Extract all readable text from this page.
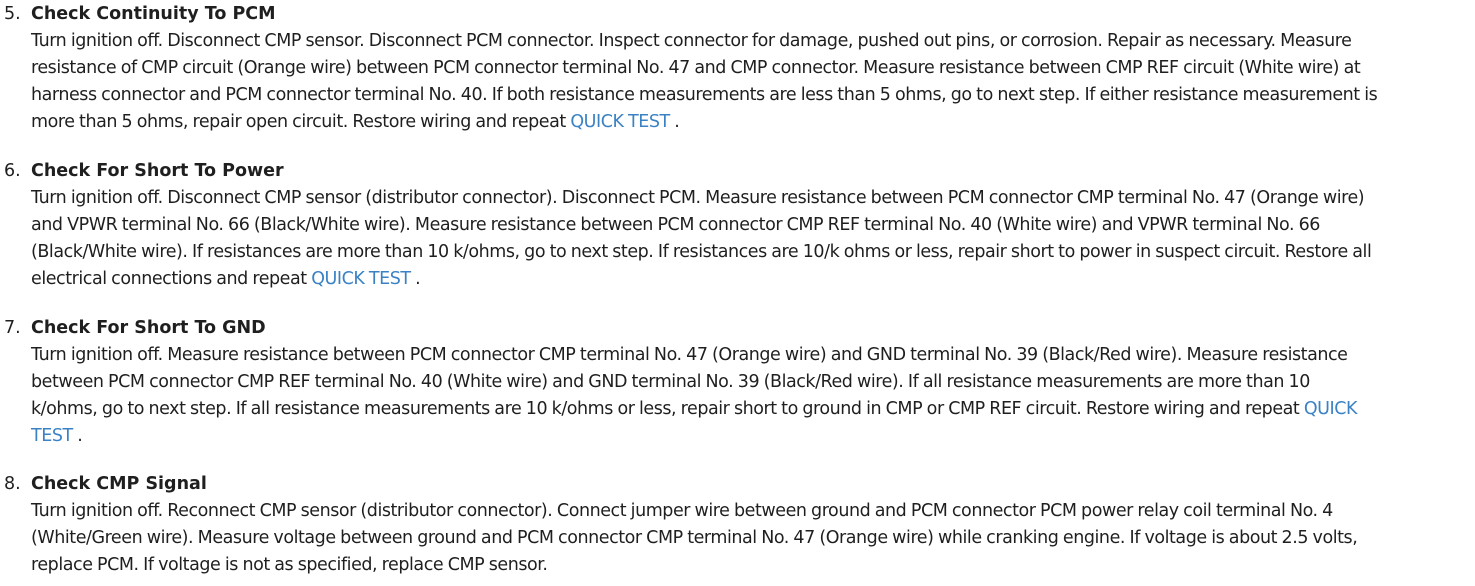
5. Check Continuity To PCM
Turn ignition off. Disconnect CMP sensor. Disconnect PCM connector. Inspect connector for damage, pushed out pins, or corrosion. Repair as necessary. Measure
resistance of CMP circuit (Orange wire) between PCM connector terminal No. 47 and CMP connector. Measure resistance between CMP REF circuit (White wire) at
harness connector and PCM connector terminal No. 40. If both resistance measurements are less than 5 ohms, go to next step. If either resistance measurement is
more than 5 ohms, repair open circuit. Restore wiring and repeat QUICK TEST .
6. Check For Short To Power
Turn ignition off. Disconnect CMP sensor (distributor connector). Disconnect PCM. Measure resistance between PCM connector CMP terminal No. 47 (Orange wire)
and VPWR terminal No. 66 (Black/White wire). Measure resistance between PCM connector CMP REF terminal No. 40 (White wire) and VPWR terminal No. 66
(Black/White wire). If resistances are more than 10 k/ohms, go to next step. If resistances are 10/k ohms or less, repair short to power in suspect circuit. Restore all
electrical connections and repeat QUICK TEST .
7. Check For Short To GND
Turn ignition off. Measure resistance between PCM connector CMP terminal No. 47 (Orange wire) and GND terminal No. 39 (Black/Red wire). Measure resistance
between PCM connector CMP REF terminal No. 40 (White wire) and GND terminal No. 39 (Black/Red wire). If all resistance measurements are more than 10
k/ohms, go to next step. If all resistance measurements are 10 k/ohms or less, repair short to ground in CMP or CMP REF circuit. Restore wiring and repeat QUICK
TEST .
8. Check CMP Signal
Turn ignition off. Reconnect CMP sensor (distributor connector). Connect jumper wire between ground and PCM connector PCM power relay coil terminal No. 4
(White/Green wire). Measure voltage between ground and PCM connector CMP terminal No. 47 (Orange wire) while cranking engine. If voltage is about 2.5 volts,
replace PCM. If voltage is not as specified, replace CMP sensor.
